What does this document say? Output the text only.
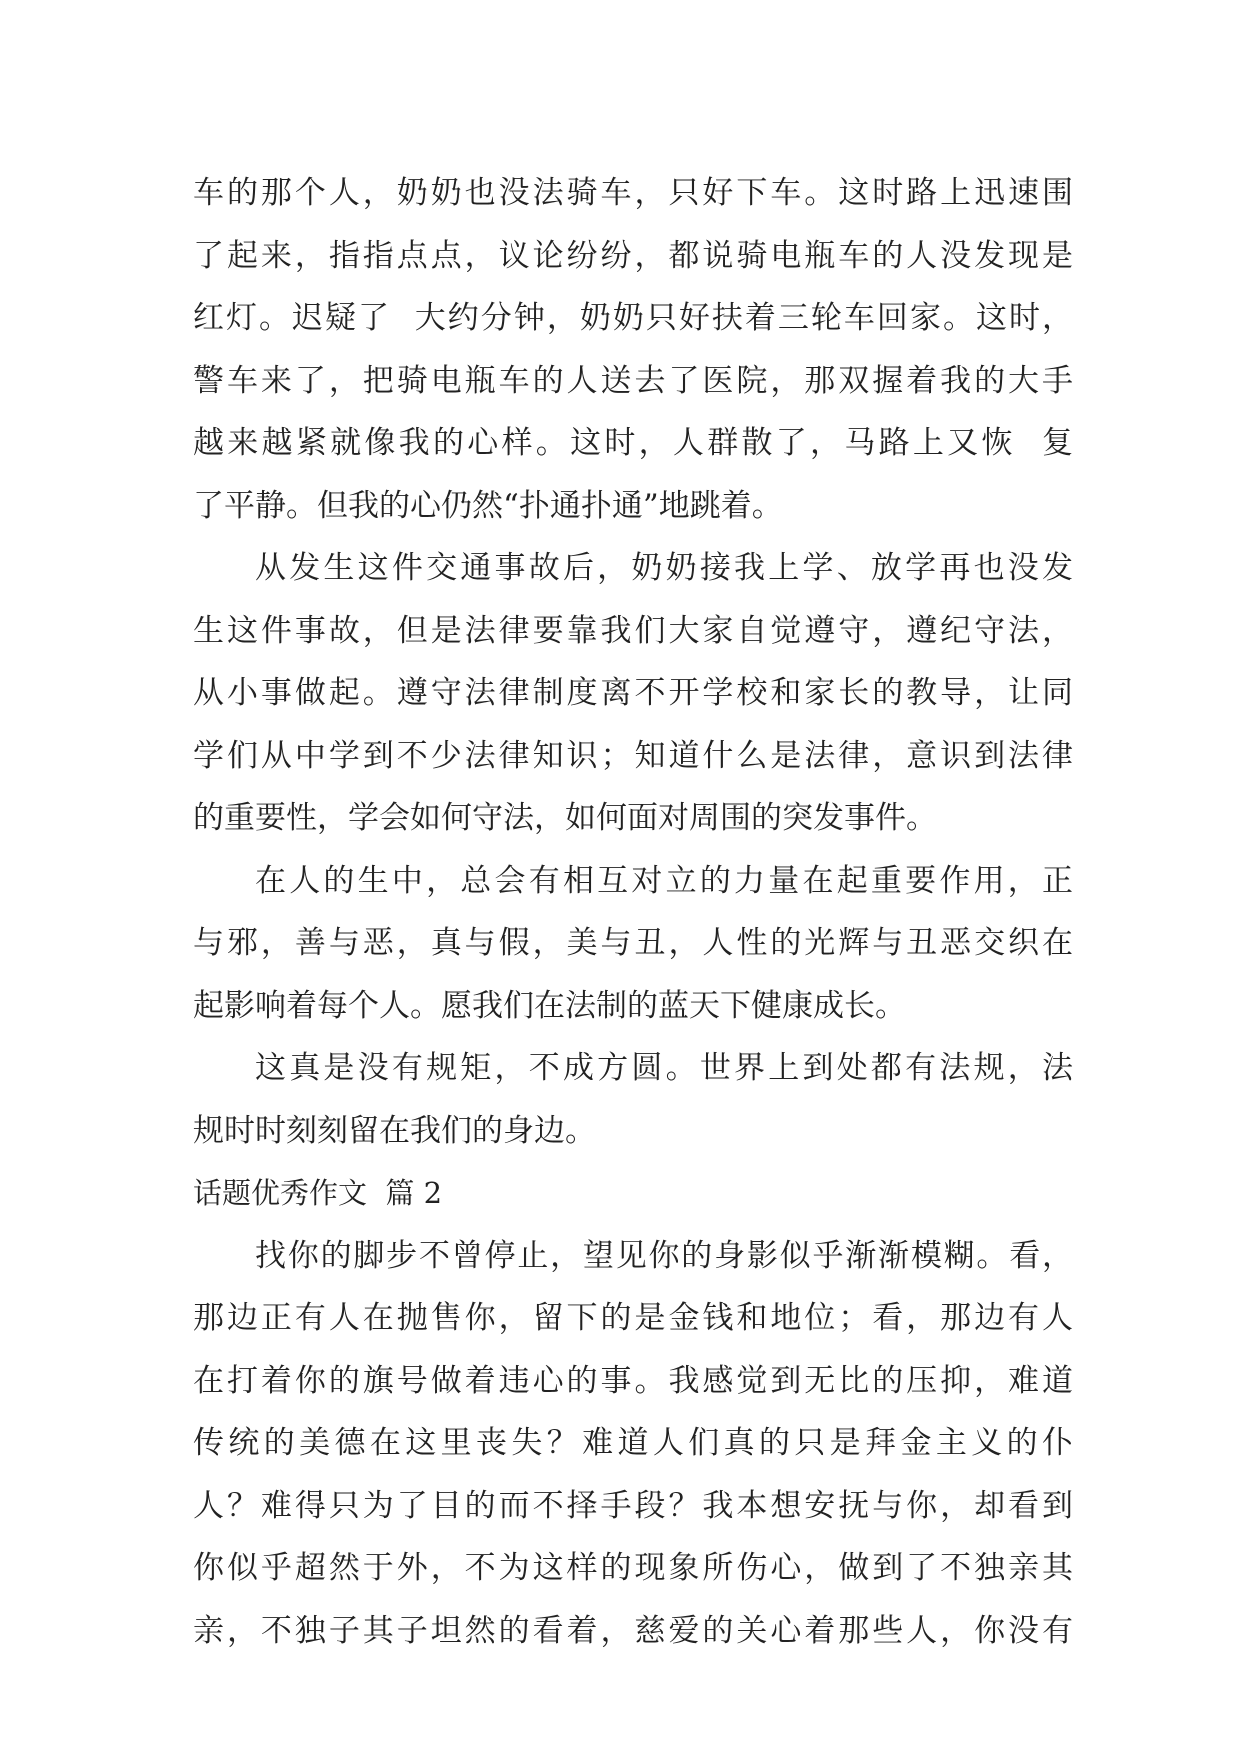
车的那个人，奶奶也没法骑车，只好下车。这时路上迅速围
了起来，指指点点，议论纷纷，都说骑电瓶车的人没发现是
红灯。迟疑了  大约分钟，奶奶只好扶着三轮车回家。这时，
警车来了，把骑电瓶车的人送去了医院，那双握着我的大手
越来越紧就像我的心样。这时，人群散了，马路上又恢  复
了平静。但我的心仍然“扑通扑通”地跳着。
从发生这件交通事故后，奶奶接我上学、放学再也没发
生这件事故，但是法律要靠我们大家自觉遵守，遵纪守法，
从小事做起。遵守法律制度离不开学校和家长的教导，让同
学们从中学到不少法律知识；知道什么是法律，意识到法律
的重要性，学会如何守法，如何面对周围的突发事件。
在人的生中，总会有相互对立的力量在起重要作用，正
与邪，善与恶，真与假，美与丑，人性的光辉与丑恶交织在
起影响着每个人。愿我们在法制的蓝天下健康成长。
这真是没有规矩，不成方圆。世界上到处都有法规，法
规时时刻刻留在我们的身边。
话题优秀作文  篇 2
找你的脚步不曾停止，望见你的身影似乎渐渐模糊。看，
那边正有人在抛售你，留下的是金钱和地位；看，那边有人
在打着你的旗号做着违心的事。我感觉到无比的压抑，难道
传统的美德在这里丧失？难道人们真的只是拜金主义的仆
人？难得只为了目的而不择手段？我本想安抚与你，却看到
你似乎超然于外，不为这样的现象所伤心，做到了不独亲其
亲，不独子其子坦然的看着，慈爱的关心着那些人，你没有
